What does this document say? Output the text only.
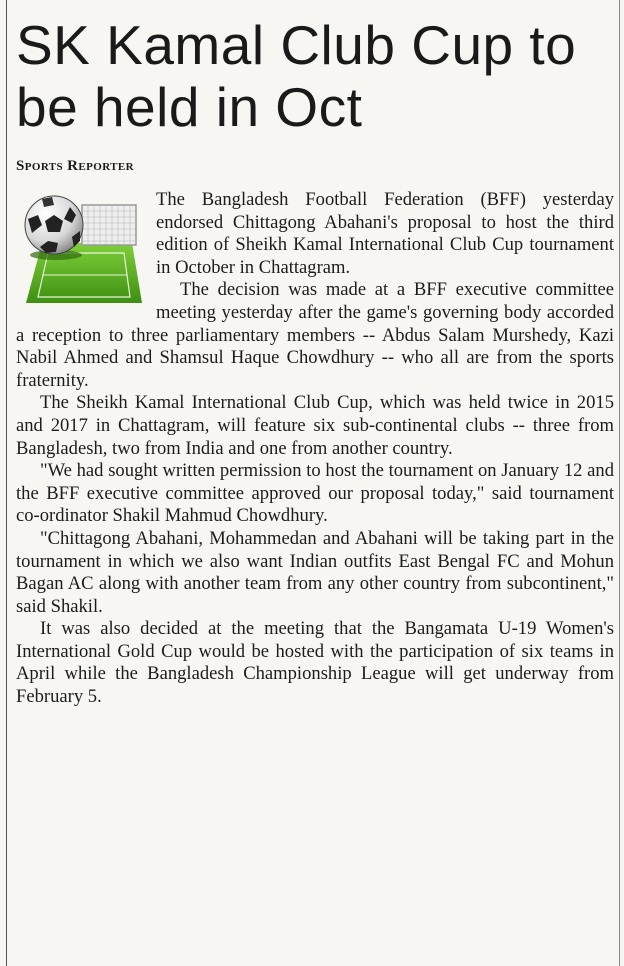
SK Kamal Club Cup to be held in Oct
Sports Reporter

The Bangladesh Football Federation (BFF) yesterday endorsed Chittagong Abahani's proposal to host the third edition of Sheikh Kamal International Club Cup tournament in October in Chattagram.

The decision was made at a BFF executive committee meeting yesterday after the game's governing body accorded a reception to three parliamentary members -- Abdus Salam Murshedy, Kazi Nabil Ahmed and Shamsul Haque Chowdhury -- who all are from the sports fraternity.

The Sheikh Kamal International Club Cup, which was held twice in 2015 and 2017 in Chattagram, will feature six sub-continental clubs -- three from Bangladesh, two from India and one from another country.

"We had sought written permission to host the tournament on January 12 and the BFF executive committee approved our proposal today," said tournament co-ordinator Shakil Mahmud Chowdhury.

"Chittagong Abahani, Mohammedan and Abahani will be taking part in the tournament in which we also want Indian outfits East Bengal FC and Mohun Bagan AC along with another team from any other country from subcontinent," said Shakil.

It was also decided at the meeting that the Bangamata U-19 Women's International Gold Cup would be hosted with the participation of six teams in April while the Bangladesh Championship League will get underway from February 5.
